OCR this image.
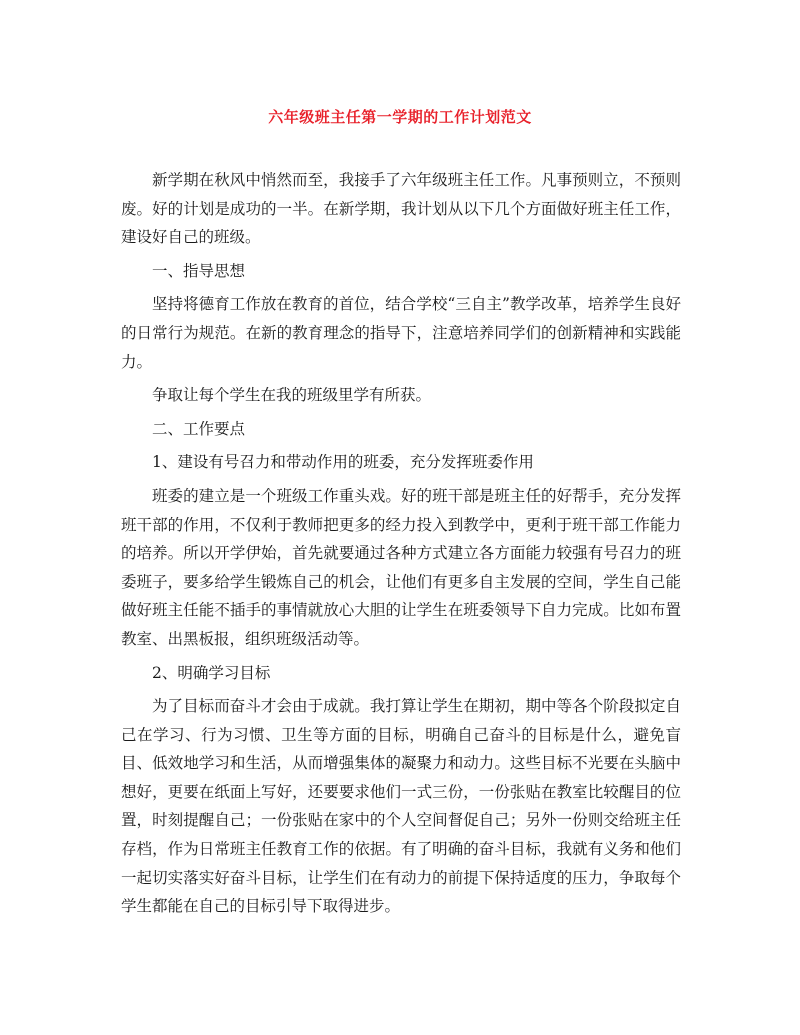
六年级班主任第一学期的工作计划范文

新学期在秋风中悄然而至，我接手了六年级班主任工作。凡事预则立，不预则废。好的计划是成功的一半。在新学期，我计划从以下几个方面做好班主任工作，建设好自己的班级。

一、指导思想

坚持将德育工作放在教育的首位，结合学校“三自主”教学改革，培养学生良好的日常行为规范。在新的教育理念的指导下，注意培养同学们的创新精神和实践能力。

争取让每个学生在我的班级里学有所获。

二、工作要点

1、建设有号召力和带动作用的班委，充分发挥班委作用

班委的建立是一个班级工作重头戏。好的班干部是班主任的好帮手，充分发挥班干部的作用，不仅利于教师把更多的经力投入到教学中，更利于班干部工作能力的培养。所以开学伊始，首先就要通过各种方式建立各方面能力较强有号召力的班委班子，要多给学生锻炼自己的机会，让他们有更多自主发展的空间，学生自己能做好班主任能不插手的事情就放心大胆的让学生在班委领导下自力完成。比如布置教室、出黑板报，组织班级活动等。

2、明确学习目标

为了目标而奋斗才会由于成就。我打算让学生在期初，期中等各个阶段拟定自己在学习、行为习惯、卫生等方面的目标，明确自己奋斗的目标是什么，避免盲目、低效地学习和生活，从而增强集体的凝聚力和动力。这些目标不光要在头脑中想好，更要在纸面上写好，还要要求他们一式三份，一份张贴在教室比较醒目的位置，时刻提醒自己；一份张贴在家中的个人空间督促自己；另外一份则交给班主任存档，作为日常班主任教育工作的依据。有了明确的奋斗目标，我就有义务和他们一起切实落实好奋斗目标，让学生们在有动力的前提下保持适度的压力，争取每个学生都能在自己的目标引导下取得进步。
